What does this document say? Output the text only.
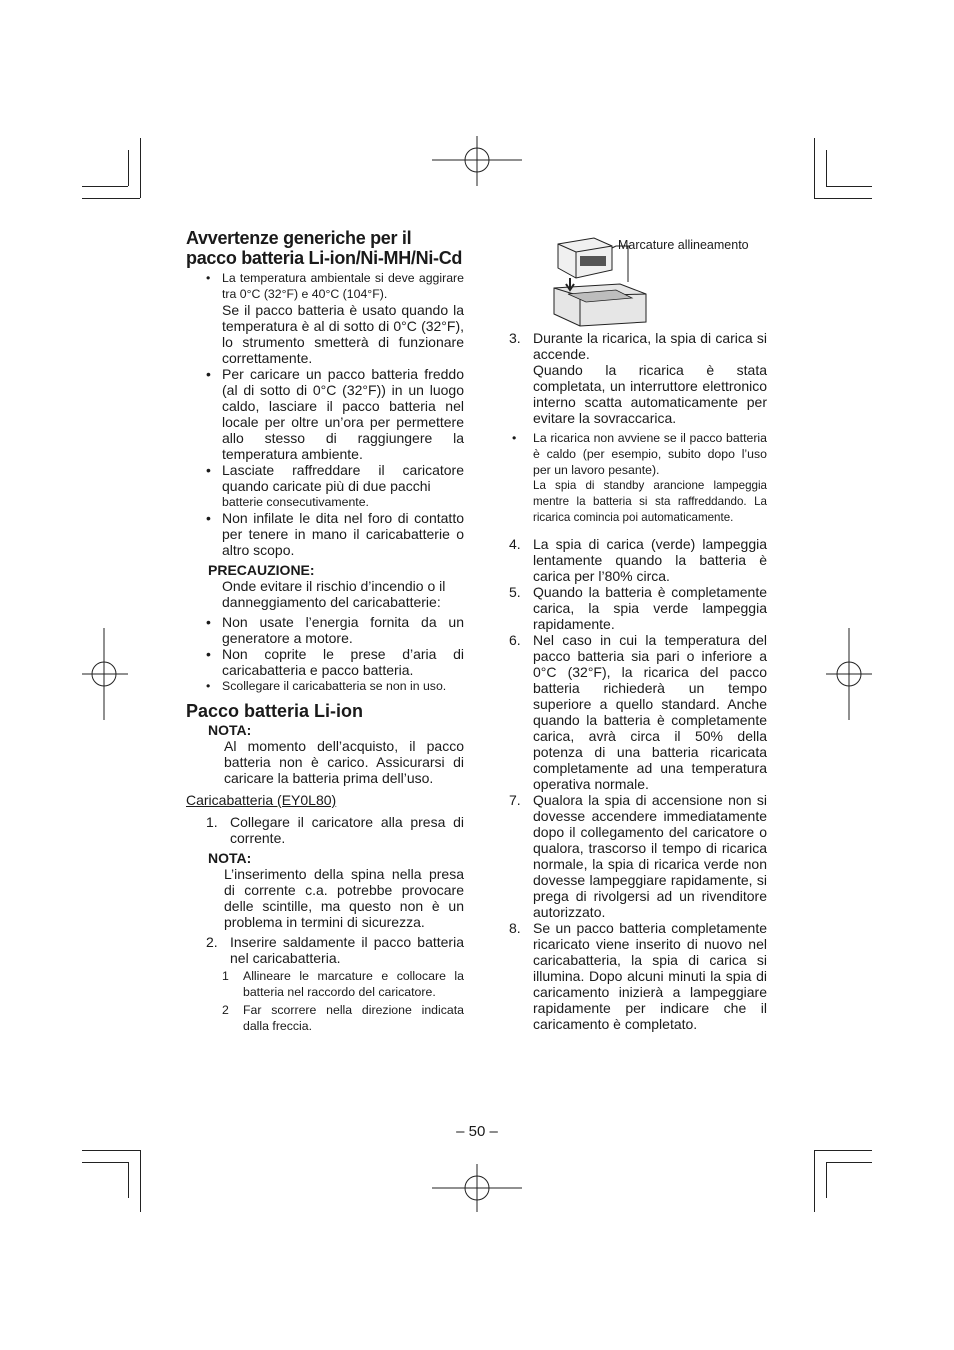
Avvertenze generiche per il pacco batteria Li-ion/Ni-MH/Ni-Cd
• La temperatura ambientale si deve aggirare tra 0°C (32°F) e 40°C (104°F).

Se il pacco batteria è usato quando la temperatura è al di sotto di 0°C (32°F), lo strumento smetterà di funzionare correttamente.

• Per caricare un pacco batteria freddo (al di sotto di 0°C (32°F)) in un luogo caldo, lasciare il pacco batteria nel locale per oltre un’ora per permettere allo stesso di raggiungere la temperatura ambiente.

• Lasciate raffreddare il caricatore quando caricate più di due pacchi

batterie consecutivamente.

• Non infilate le dita nel foro di contatto per tenere in mano il caricabatterie o altro scopo.

PRECAUZIONE:

Onde evitare il rischio d’incendio o il danneggiamento del caricabatterie:

• Non usate l’energia fornita da un generatore a motore.

• Non coprite le prese d’aria di caricabatteria e pacco batteria.

• Scollegare il caricabatteria se non in uso.

Pacco batteria Li-ion

NOTA:

Al momento dell’acquisto, il pacco batteria non è carico. Assicurarsi di caricare la batteria prima dell’uso.

Caricabatteria (EY0L80)

1. Collegare il caricatore alla presa di corrente.

NOTA:

L’inserimento della spina nella presa di corrente c.a. potrebbe provocare delle scintille, ma questo non è un problema in termini di sicurezza.

2. Inserire saldamente il pacco batteria nel caricabatteria.

1	Allineare le marcature e collocare la batteria nel raccordo del caricatore.

2	Far scorrere nella direzione indicata dalla freccia.

Marcature allineamento
3. Durante la ricarica, la spia di carica si accende.

Quando la ricarica è stata completata, un interruttore elettronico interno scatta automaticamente per evitare la sovraccarica.

•	La ricarica non avviene se il pacco batteria è caldo (per esempio, subito dopo l’uso per un lavoro pesante).

La spia di standby arancione lampeggia mentre la batteria si sta raffreddando. La ricarica comincia poi automaticamente.

4. La spia di carica (verde) lampeggia lentamente quando la batteria è carica per l’80% circa.

5. Quando la batteria è completamente carica, la spia verde lampeggia rapidamente.

6. Nel caso in cui la temperatura del pacco batteria sia pari o inferiore a 0°C (32°F), la ricarica del pacco batteria richiederà un tempo superiore a quello standard. Anche quando la batteria è completamente carica, avrà circa il 50% della potenza di una batteria ricaricata completamente ad una temperatura operativa normale.

7. Qualora la spia di accensione non si dovesse accendere immediatamente dopo il collegamento del caricatore o qualora, trascorso il tempo di ricarica normale, la spia di ricarica verde non dovesse lampeggiare rapidamente, si prega di rivolgersi ad un rivenditore autorizzato.

8. Se un pacco batteria completamente ricaricato viene inserito di nuovo nel caricabatteria, la spia di carica si illumina. Dopo alcuni minuti la spia di caricamento inizierà a lampeggiare rapidamente per indicare che il caricamento è completato.

– 50 –
